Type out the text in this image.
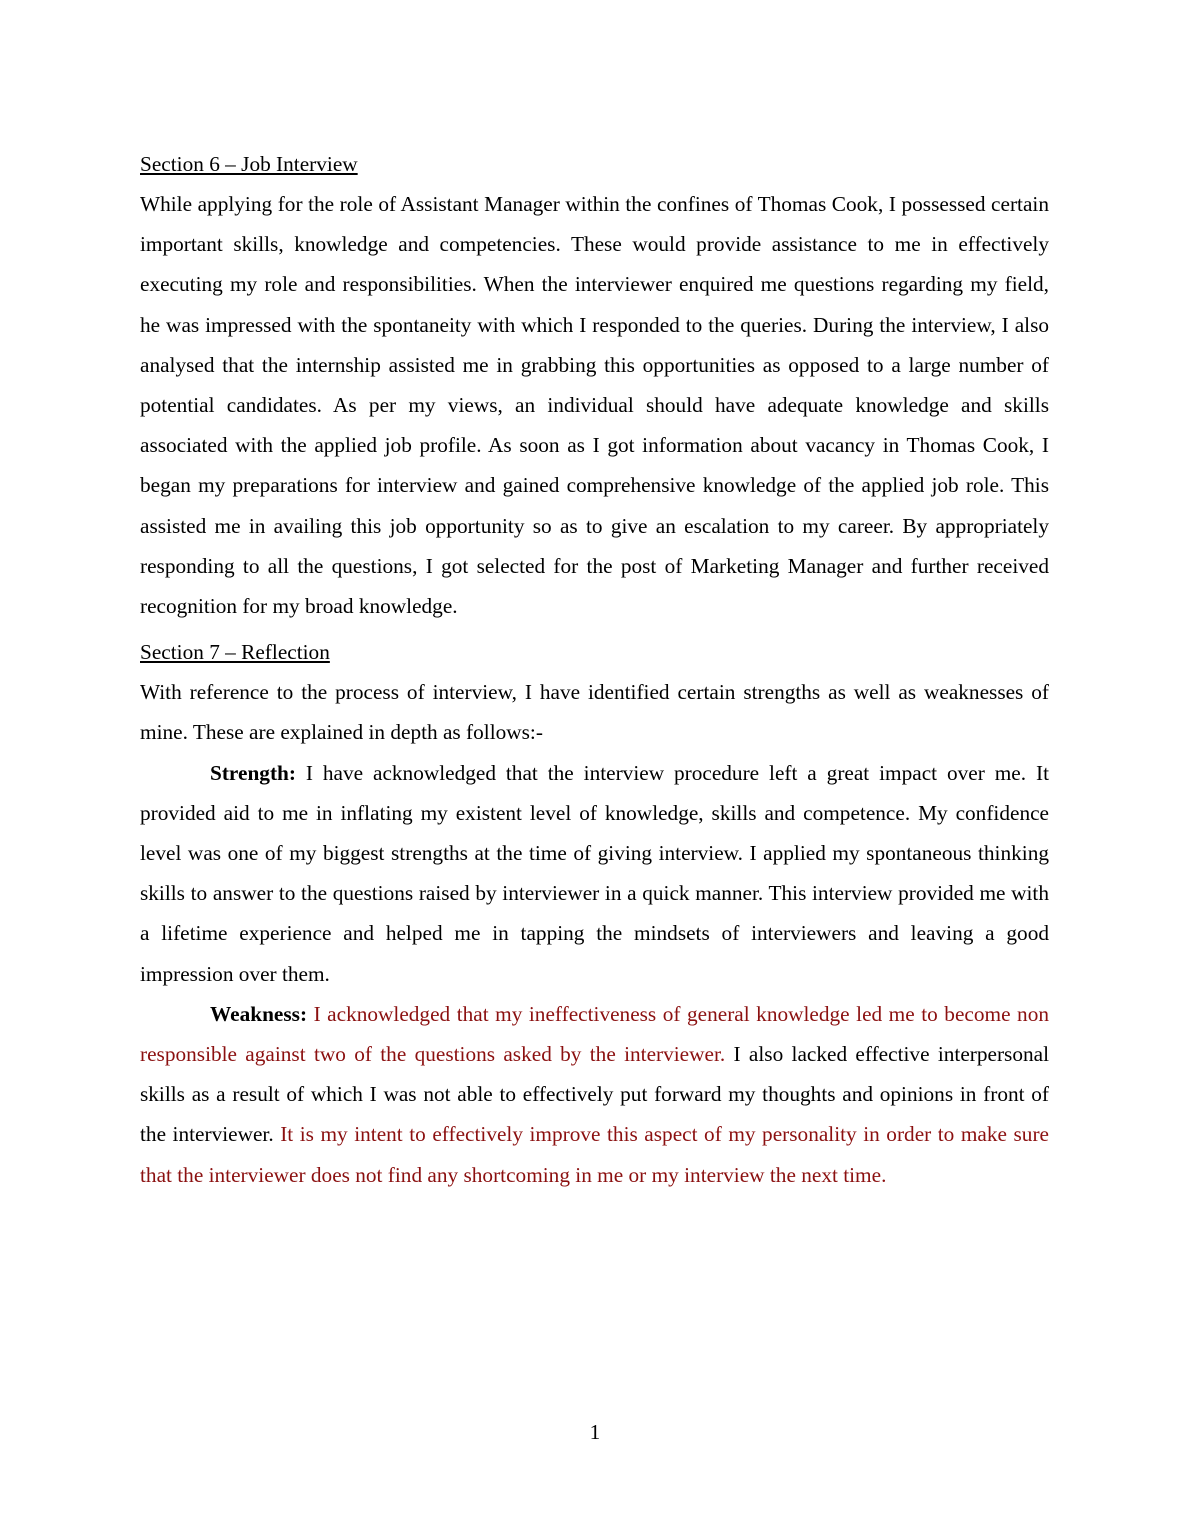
Section 6 – Job Interview

While applying for the role of Assistant Manager within the confines of Thomas Cook, I possessed certain important skills, knowledge and competencies. These would provide assistance to me in effectively executing my role and responsibilities. When the interviewer enquired me questions regarding my field, he was impressed with the spontaneity with which I responded to the queries. During the interview, I also analysed that the internship assisted me in grabbing this opportunities as opposed to a large number of potential candidates. As per my views, an individual should have adequate knowledge and skills associated with the applied job profile. As soon as I got information about vacancy in Thomas Cook, I began my preparations for interview and gained comprehensive knowledge of the applied job role. This assisted me in availing this job opportunity so as to give an escalation to my career. By appropriately responding to all the questions, I got selected for the post of Marketing Manager and further received recognition for my broad knowledge.

Section 7 – Reflection

With reference to the process of interview, I have identified certain strengths as well as weaknesses of mine. These are explained in depth as follows:-

Strength: I have acknowledged that the interview procedure left a great impact over me. It provided aid to me in inflating my existent level of knowledge, skills and competence. My confidence level was one of my biggest strengths at the time of giving interview. I applied my spontaneous thinking skills to answer to the questions raised by interviewer in a quick manner. This interview provided me with a lifetime experience and helped me in tapping the mindsets of interviewers and leaving a good impression over them.

Weakness: I acknowledged that my ineffectiveness of general knowledge led me to become non responsible against two of the questions asked by the interviewer. I also lacked effective interpersonal skills as a result of which I was not able to effectively put forward my thoughts and opinions in front of the interviewer. It is my intent to effectively improve this aspect of my personality in order to make sure that the interviewer does not find any shortcoming in me or my interview the next time.

1
